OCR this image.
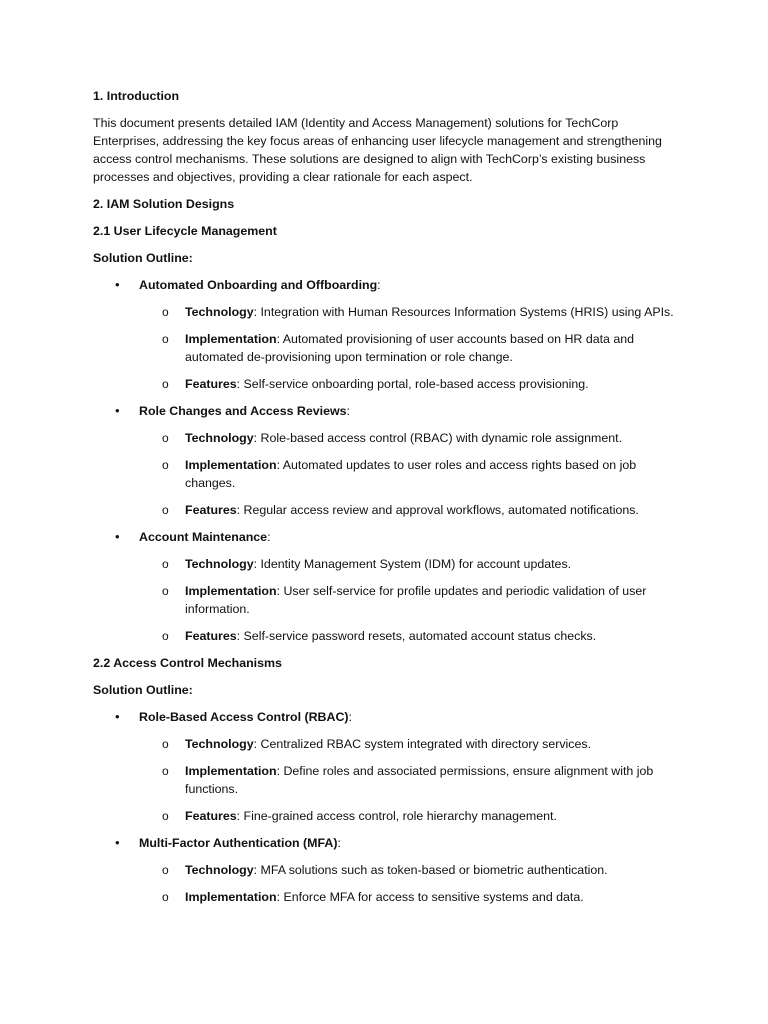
1. Introduction
This document presents detailed IAM (Identity and Access Management) solutions for TechCorp Enterprises, addressing the key focus areas of enhancing user lifecycle management and strengthening access control mechanisms. These solutions are designed to align with TechCorp’s existing business processes and objectives, providing a clear rationale for each aspect.
2. IAM Solution Designs
2.1 User Lifecycle Management
Solution Outline:
• Automated Onboarding and Offboarding:
o Technology: Integration with Human Resources Information Systems (HRIS) using APIs.
o Implementation: Automated provisioning of user accounts based on HR data and automated de-provisioning upon termination or role change.
o Features: Self-service onboarding portal, role-based access provisioning.
• Role Changes and Access Reviews:
o Technology: Role-based access control (RBAC) with dynamic role assignment.
o Implementation: Automated updates to user roles and access rights based on job changes.
o Features: Regular access review and approval workflows, automated notifications.
• Account Maintenance:
o Technology: Identity Management System (IDM) for account updates.
o Implementation: User self-service for profile updates and periodic validation of user information.
o Features: Self-service password resets, automated account status checks.
2.2 Access Control Mechanisms
Solution Outline:
• Role-Based Access Control (RBAC):
o Technology: Centralized RBAC system integrated with directory services.
o Implementation: Define roles and associated permissions, ensure alignment with job functions.
o Features: Fine-grained access control, role hierarchy management.
• Multi-Factor Authentication (MFA):
o Technology: MFA solutions such as token-based or biometric authentication.
o Implementation: Enforce MFA for access to sensitive systems and data.
